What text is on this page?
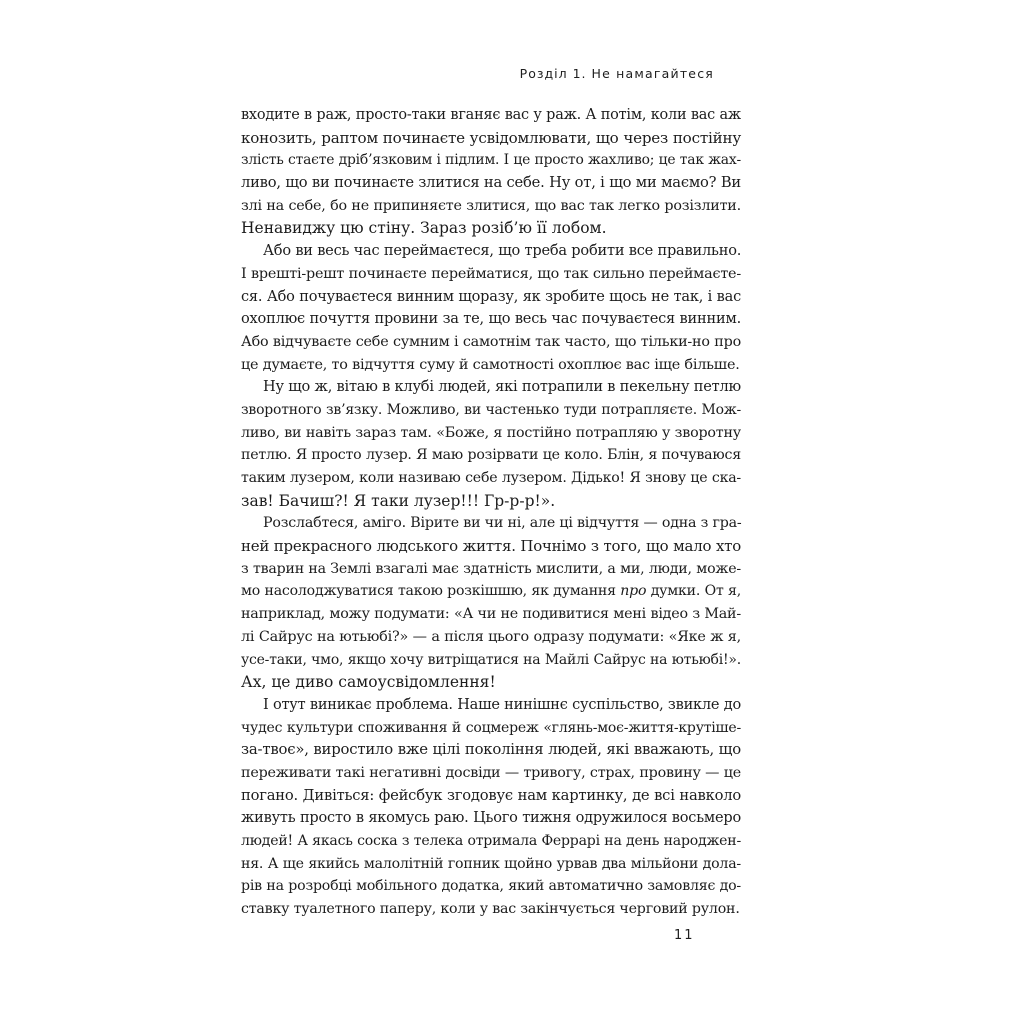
Розділ 1. Не намагайтеся
входите в раж, просто-таки вганяє вас у раж. А потім, коли вас аж
конозить, раптом починаєте усвідомлювати, що через постійну
злість стаєте дріб’язковим і підлим. І це просто жахливо; це так жах-
ливо, що ви починаєте злитися на себе. Ну от, і що ми маємо? Ви
злі на себе, бо не припиняєте злитися, що вас так легко розізлити.
Ненавиджу цю стіну. Зараз розіб’ю її лобом.
Або ви весь час переймаєтеся, що треба робити все правильно.
І врешті-решт починаєте перейматися, що так сильно переймаєте-
ся. Або почуваєтеся винним щоразу, як зробите щось не так, і вас
охоплює почуття провини за те, що весь час почуваєтеся винним.
Або відчуваєте себе сумним і самотнім так часто, що тільки-но про
це думаєте, то відчуття суму й самотності охоплює вас іще більше.
Ну що ж, вітаю в клубі людей, які потрапили в пекельну петлю
зворотного зв’язку. Можливо, ви частенько туди потрапляєте. Мож-
ливо, ви навіть зараз там. «Боже, я постійно потрапляю у зворотну
петлю. Я просто лузер. Я маю розірвати це коло. Блін, я почуваюся
таким лузером, коли називаю себе лузером. Дідько! Я знову це ска-
зав! Бачиш?! Я таки лузер!!! Гр-р-р!».
Розслабтеся, аміго. Вірите ви чи ні, але ці відчуття — одна з гра-
ней прекрасного людського життя. Почнімо з того, що мало хто
з тварин на Землі взагалі має здатність мислити, а ми, люди, може-
мо насолоджуватися такою розкішшю, як думання про думки. От я,
наприклад, можу подумати: «А чи не подивитися мені відео з Май-
лі Сайрус на ютьюбі?» — а після цього одразу подумати: «Яке ж я,
усе-таки, чмо, якщо хочу витріщатися на Майлі Сайрус на ютьюбі!».
Ах, це диво самоусвідомлення!
І отут виникає проблема. Наше нинішнє суспільство, звикле до
чудес культури споживання й соцмереж «глянь-моє-життя-крутіше-
за-твоє», виростило вже цілі покоління людей, які вважають, що
переживати такі негативні досвіди — тривогу, страх, провину — це
погано. Дивіться: фейсбук згодовує нам картинку, де всі навколо
живуть просто в якомусь раю. Цього тижня одружилося восьмеро
людей! А якась соска з телека отримала Феррарі на день народжен-
ня. А ще якийсь малолітній гопник щойно урвав два мільйони дола-
рів на розробці мобільного додатка, який автоматично замовляє до-
ставку туалетного паперу, коли у вас закінчується черговий рулон.
11
